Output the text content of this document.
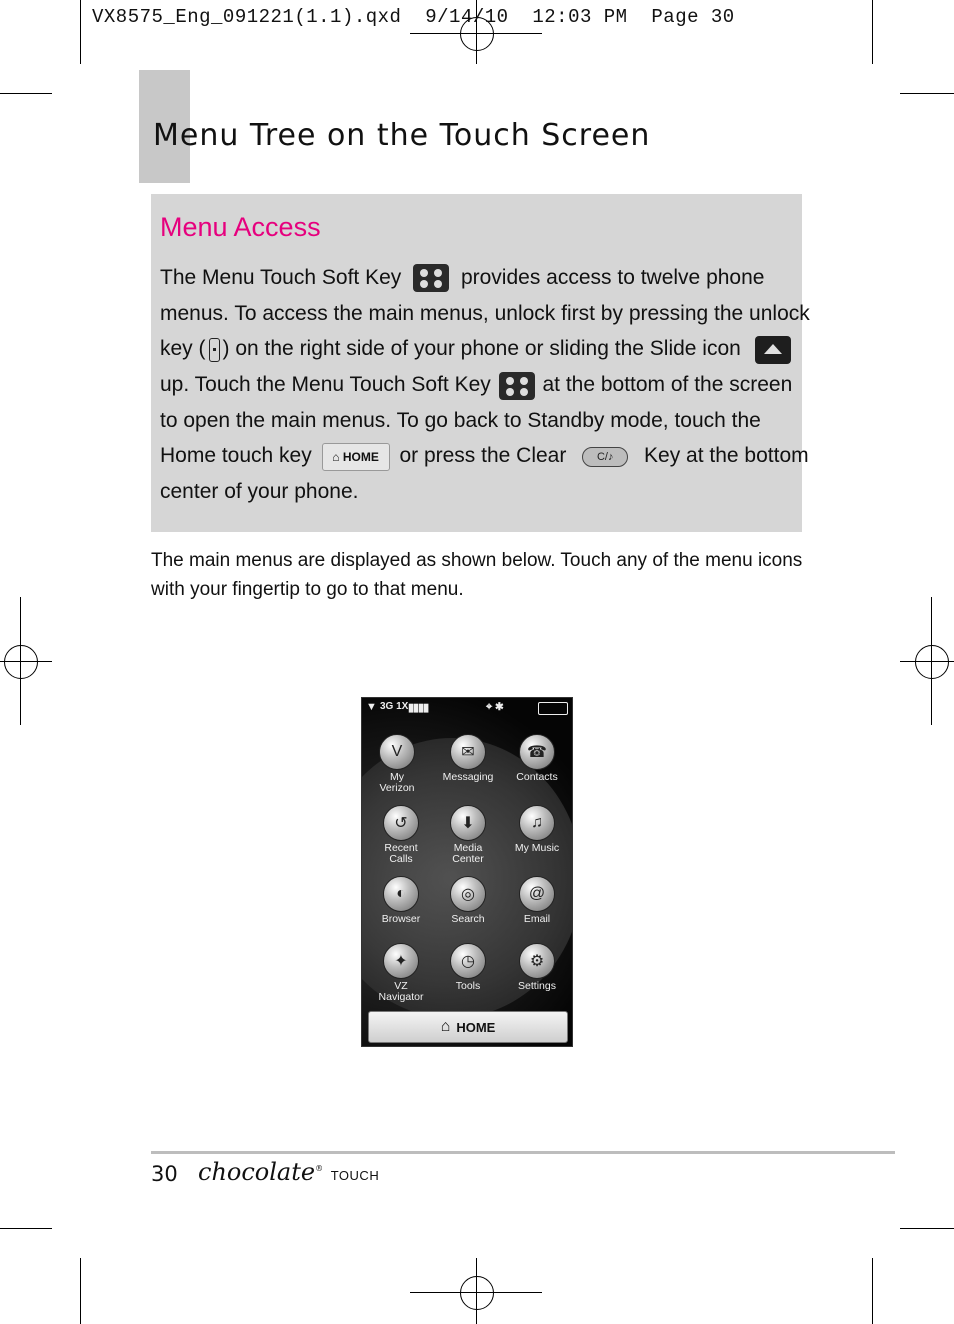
VX8575_Eng_091221(1.1).qxd  9/14/10  12:03 PM  Page 30
Menu Tree on the Touch Screen
Menu Access
The Menu Touch Soft Key	provides access to twelve phone
menus. To access the main menus, unlock first by pressing the unlock
key ( ) on the right side of your phone or sliding the Slide icon
up. Touch the Menu Touch Soft Key at the bottom of the screen
to open the main menus. To go back to Standby mode, touch the
Home touch key ⌂ HOME or press the Clear	C/♪ Key at the bottom
center of your phone.
The main menus are displayed as shown below. Touch any of the menu icons with your fingertip to go to that menu.
▼ 3G 1X ▮▮▮▮	⌖ ✱
V
My
Verizon
✉
Messaging
☎
Contacts
↺
Recent
Calls
⬇
Media
Center
♫
My Music
◐
Browser
◎
Search
@
Email
✦
VZ
Navigator
◷
Tools
⚙
Settings
⌂ HOME
30 chocolate® TOUCH
